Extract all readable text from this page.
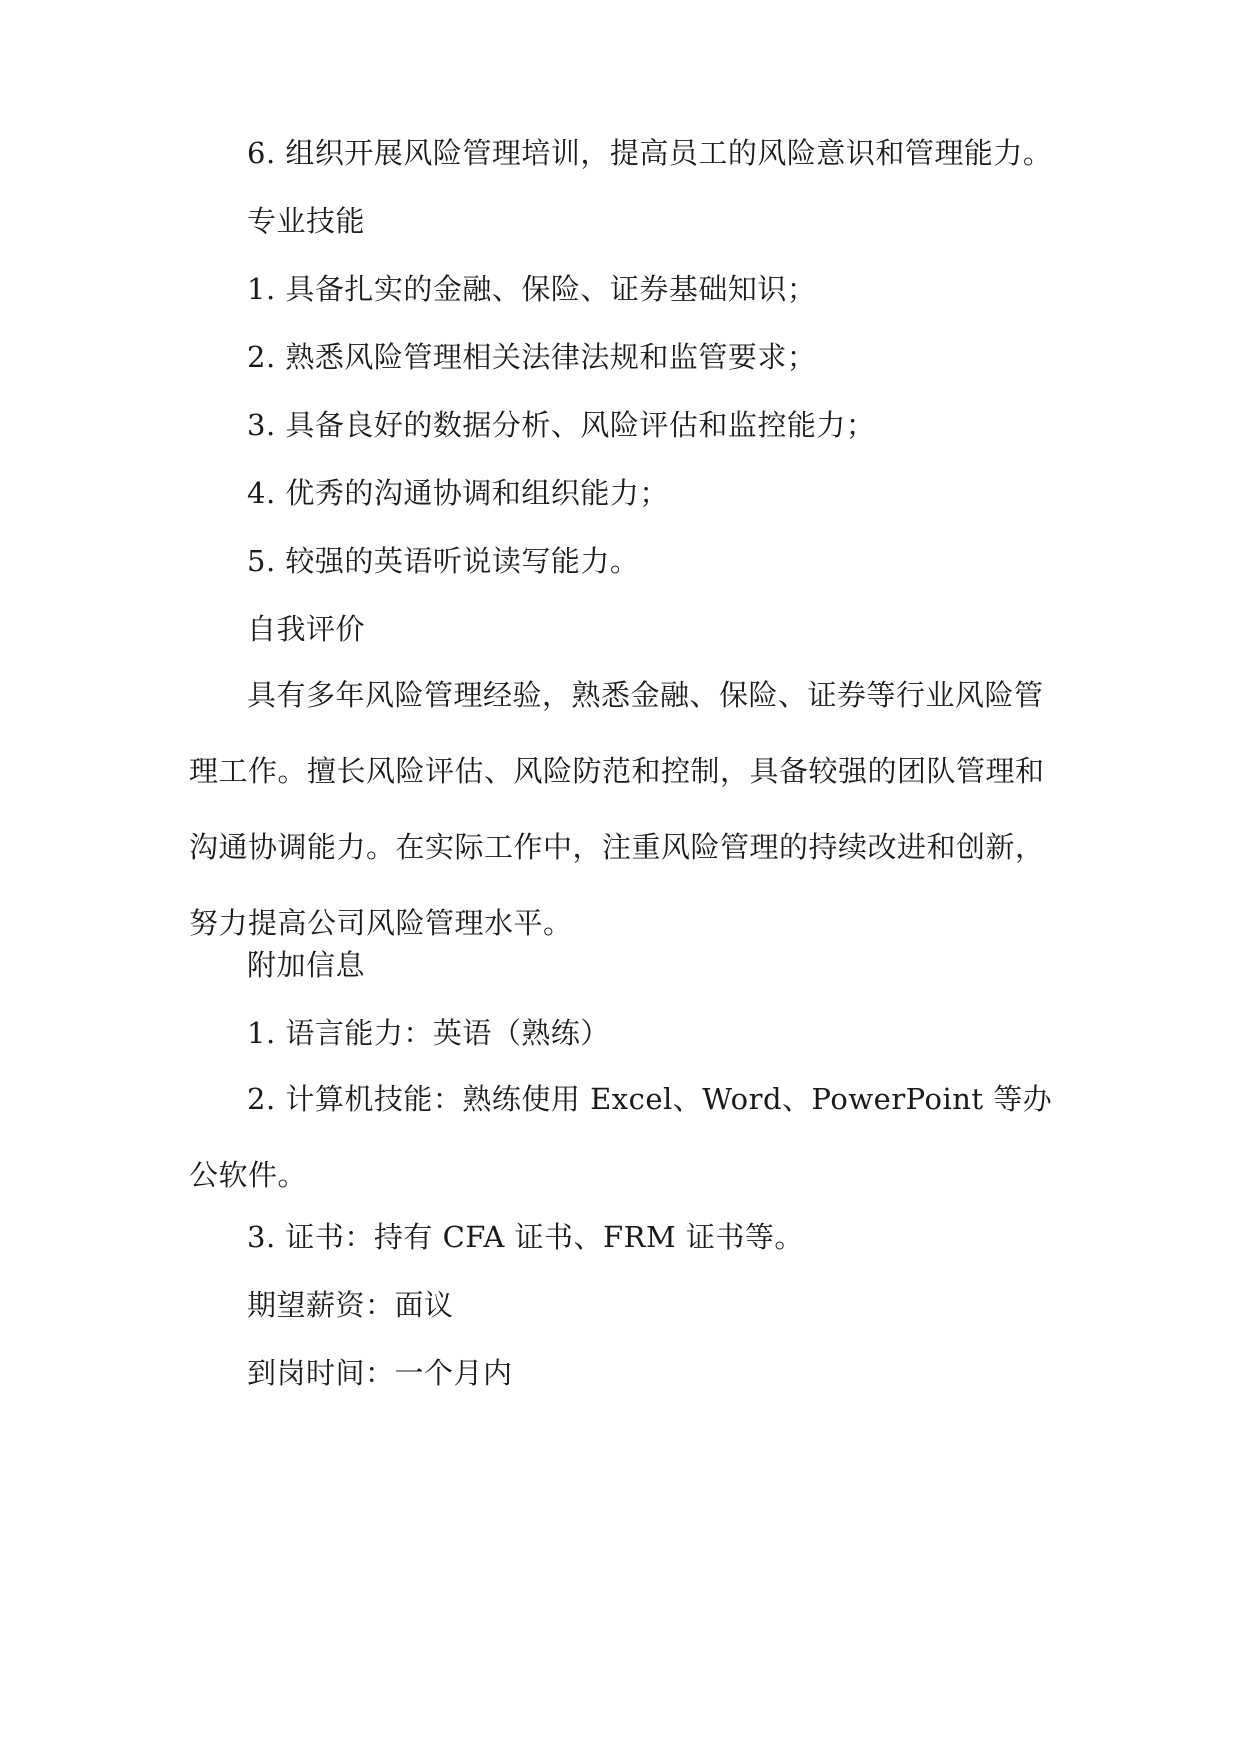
6. 组织开展风险管理培训，提高员工的风险意识和管理能力。
专业技能
1. 具备扎实的金融、保险、证券基础知识；
2. 熟悉风险管理相关法律法规和监管要求；
3. 具备良好的数据分析、风险评估和监控能力；
4. 优秀的沟通协调和组织能力；
5. 较强的英语听说读写能力。
自我评价
具有多年风险管理经验，熟悉金融、保险、证券等行业风险管理工作。擅长风险评估、风险防范和控制，具备较强的团队管理和沟通协调能力。在实际工作中，注重风险管理的持续改进和创新，努力提高公司风险管理水平。
附加信息
1. 语言能力：英语（熟练）
2. 计算机技能：熟练使用 Excel、Word、PowerPoint 等办公软件。
3. 证书：持有 CFA 证书、FRM 证书等。
期望薪资：面议
到岗时间：一个月内
